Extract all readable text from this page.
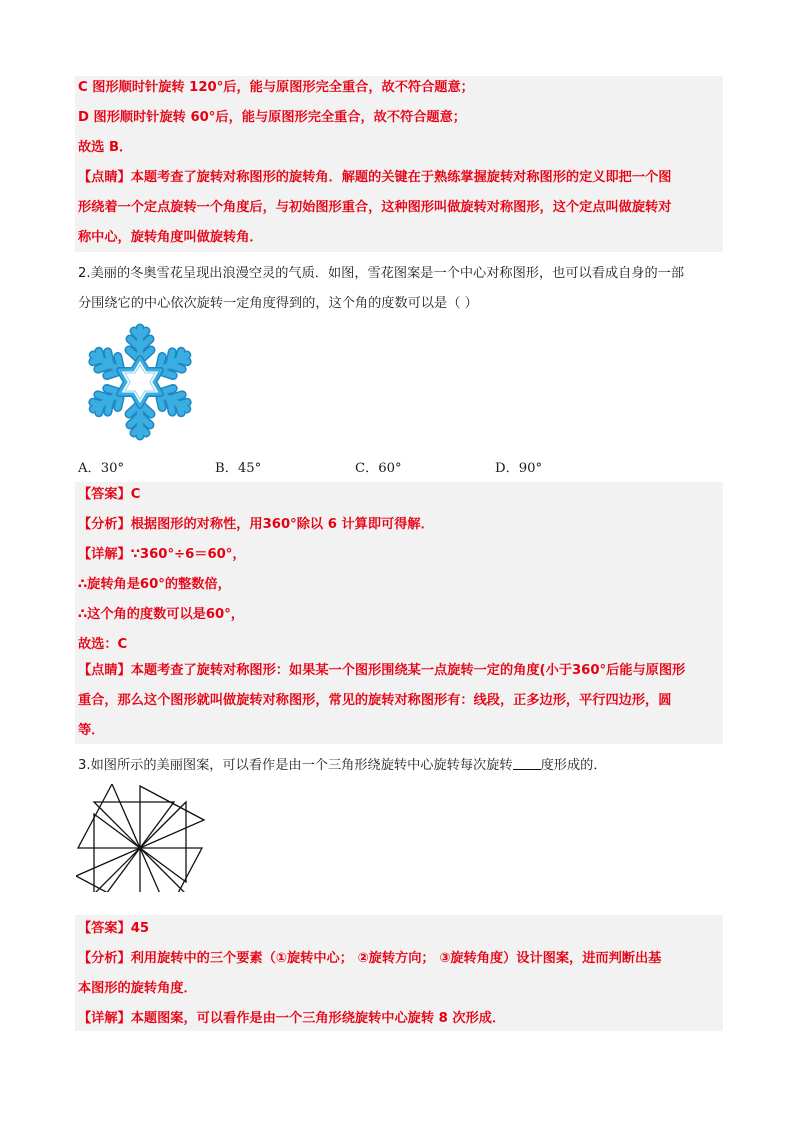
C 图形顺时针旋转 120°后，能与原图形完全重合，故不符合题意；
D 图形顺时针旋转 60°后，能与原图形完全重合，故不符合题意；
故选 B．
【点睛】本题考查了旋转对称图形的旋转角．解题的关键在于熟练掌握旋转对称图形的定义即把一个图
形绕着一个定点旋转一个角度后，与初始图形重合，这种图形叫做旋转对称图形，这个定点叫做旋转对
称中心，旋转角度叫做旋转角．
2.美丽的冬奥雪花呈现出浪漫空灵的气质．如图，雪花图案是一个中心对称图形，也可以看成自身的一部
分围绕它的中心依次旋转一定角度得到的，这个角的度数可以是（ ）
A．30°	B．45°	C．60°	D．90°
【答案】C
【分析】根据图形的对称性，用360°除以 6 计算即可得解．
【详解】∵360°÷6＝60°，
∴旋转角是60°的整数倍，
∴这个角的度数可以是60°，
故选：C
【点睛】本题考查了旋转对称图形：如果某一个图形围绕某一点旋转一定的角度(小于360°后能与原图形
重合，那么这个图形就叫做旋转对称图形，常见的旋转对称图形有：线段，正多边形，平行四边形，圆
等．
3.如图所示的美丽图案，可以看作是由一个三角形绕旋转中心旋转每次旋转 度形成的．
【答案】45
【分析】利用旋转中的三个要素（①旋转中心； ②旋转方向； ③旋转角度）设计图案，进而判断出基
本图形的旋转角度．
【详解】本题图案，可以看作是由一个三角形绕旋转中心旋转 8 次形成．
